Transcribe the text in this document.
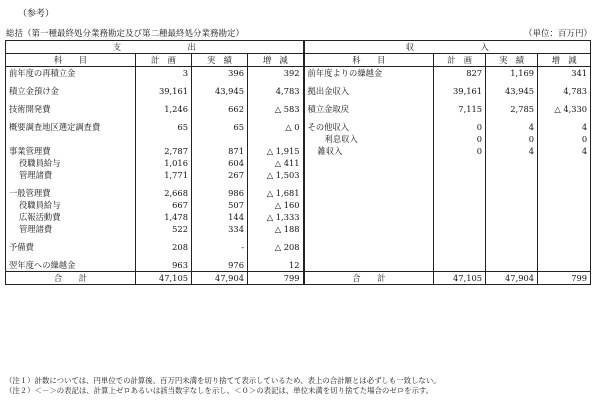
（参考）
総括（第一種最終処分業務勘定及び第二種最終処分業務勘定）	（単位：百万円）
支　　　　　　　　出				収　　　　　　　　入			
科　　目	計　画	実　績	増　減	科　　目	計　画	実　績	増　減
前年度の再積立金	3	396	392	前年度よりの繰越金	827	1,169	341

積立金預け金	39,161	43,945	4,783	拠出金収入	39,161	43,945	4,783

技術開発費	1,246	662	△ 583	積立金取戻	7,115	2,785	△ 4,330

概要調査地区選定調査費	65	65	△ 0	その他収入	0	4	4
				利息収入	0	0	0
事業管理費	2,787	871	△ 1,915	雑収入	0	4	4
役職員給与	1,016	604	△ 411				
管理諸費	1,771	267	△ 1,503				

一般管理費	2,668	986	△ 1,681				
役職員給与	667	507	△ 160				
広報活動費	1,478	144	△ 1,333				
管理諸費	522	334	△ 188				

予備費	208	-	△ 208				

翌年度への繰越金	963	976	12				
合　　計	47,105	47,904	799	合　　計	47,105	47,904	799
（注１）計数については、円単位での計算後、百万円未満を切り捨てて表示しているため、表上の合計額とは必ずしも一致しない。
（注２）＜－＞の表記は、計算上ゼロあるいは該当数字なしを示し、＜０＞の表記は、単位未満を切り捨てた場合のゼロを示す。
